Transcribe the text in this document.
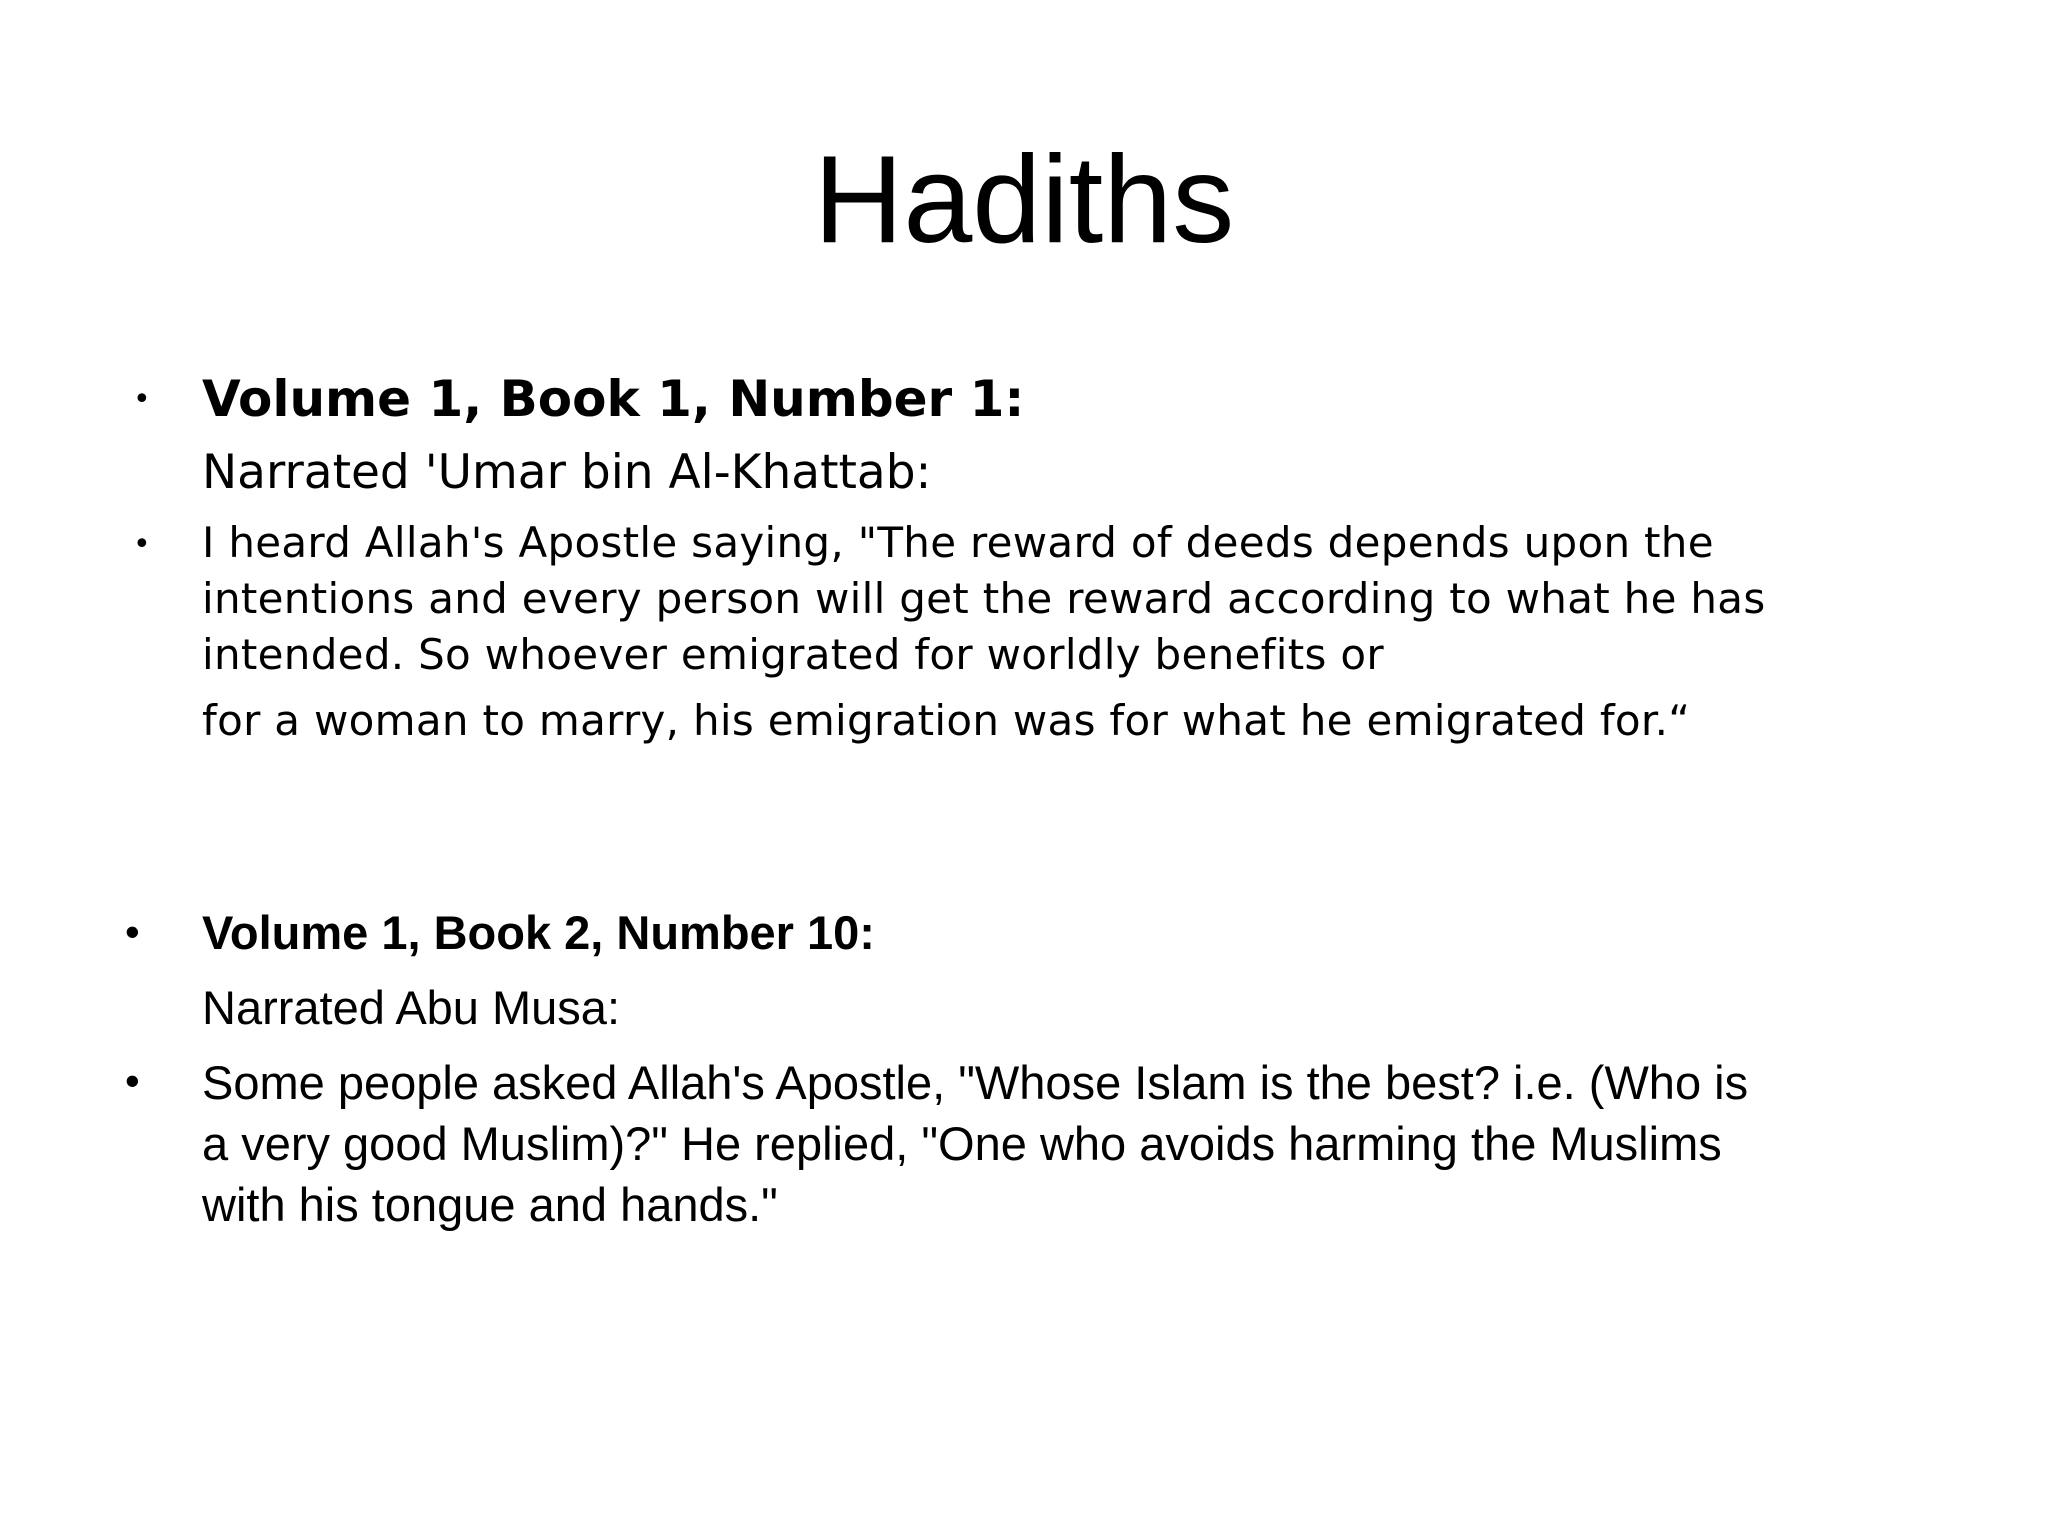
Hadiths
• Volume 1, Book 1, Number 1:
Narrated 'Umar bin Al-Khattab:
• I heard Allah's Apostle saying, "The reward of deeds depends upon the
intentions and every person will get the reward according to what he has
intended. So whoever emigrated for worldly benefits or
for a woman to marry, his emigration was for what he emigrated for.“
• Volume 1, Book 2, Number 10:
Narrated Abu Musa:
• Some people asked Allah's Apostle, "Whose Islam is the best? i.e. (Who is
a very good Muslim)?" He replied, "One who avoids harming the Muslims
with his tongue and hands."
